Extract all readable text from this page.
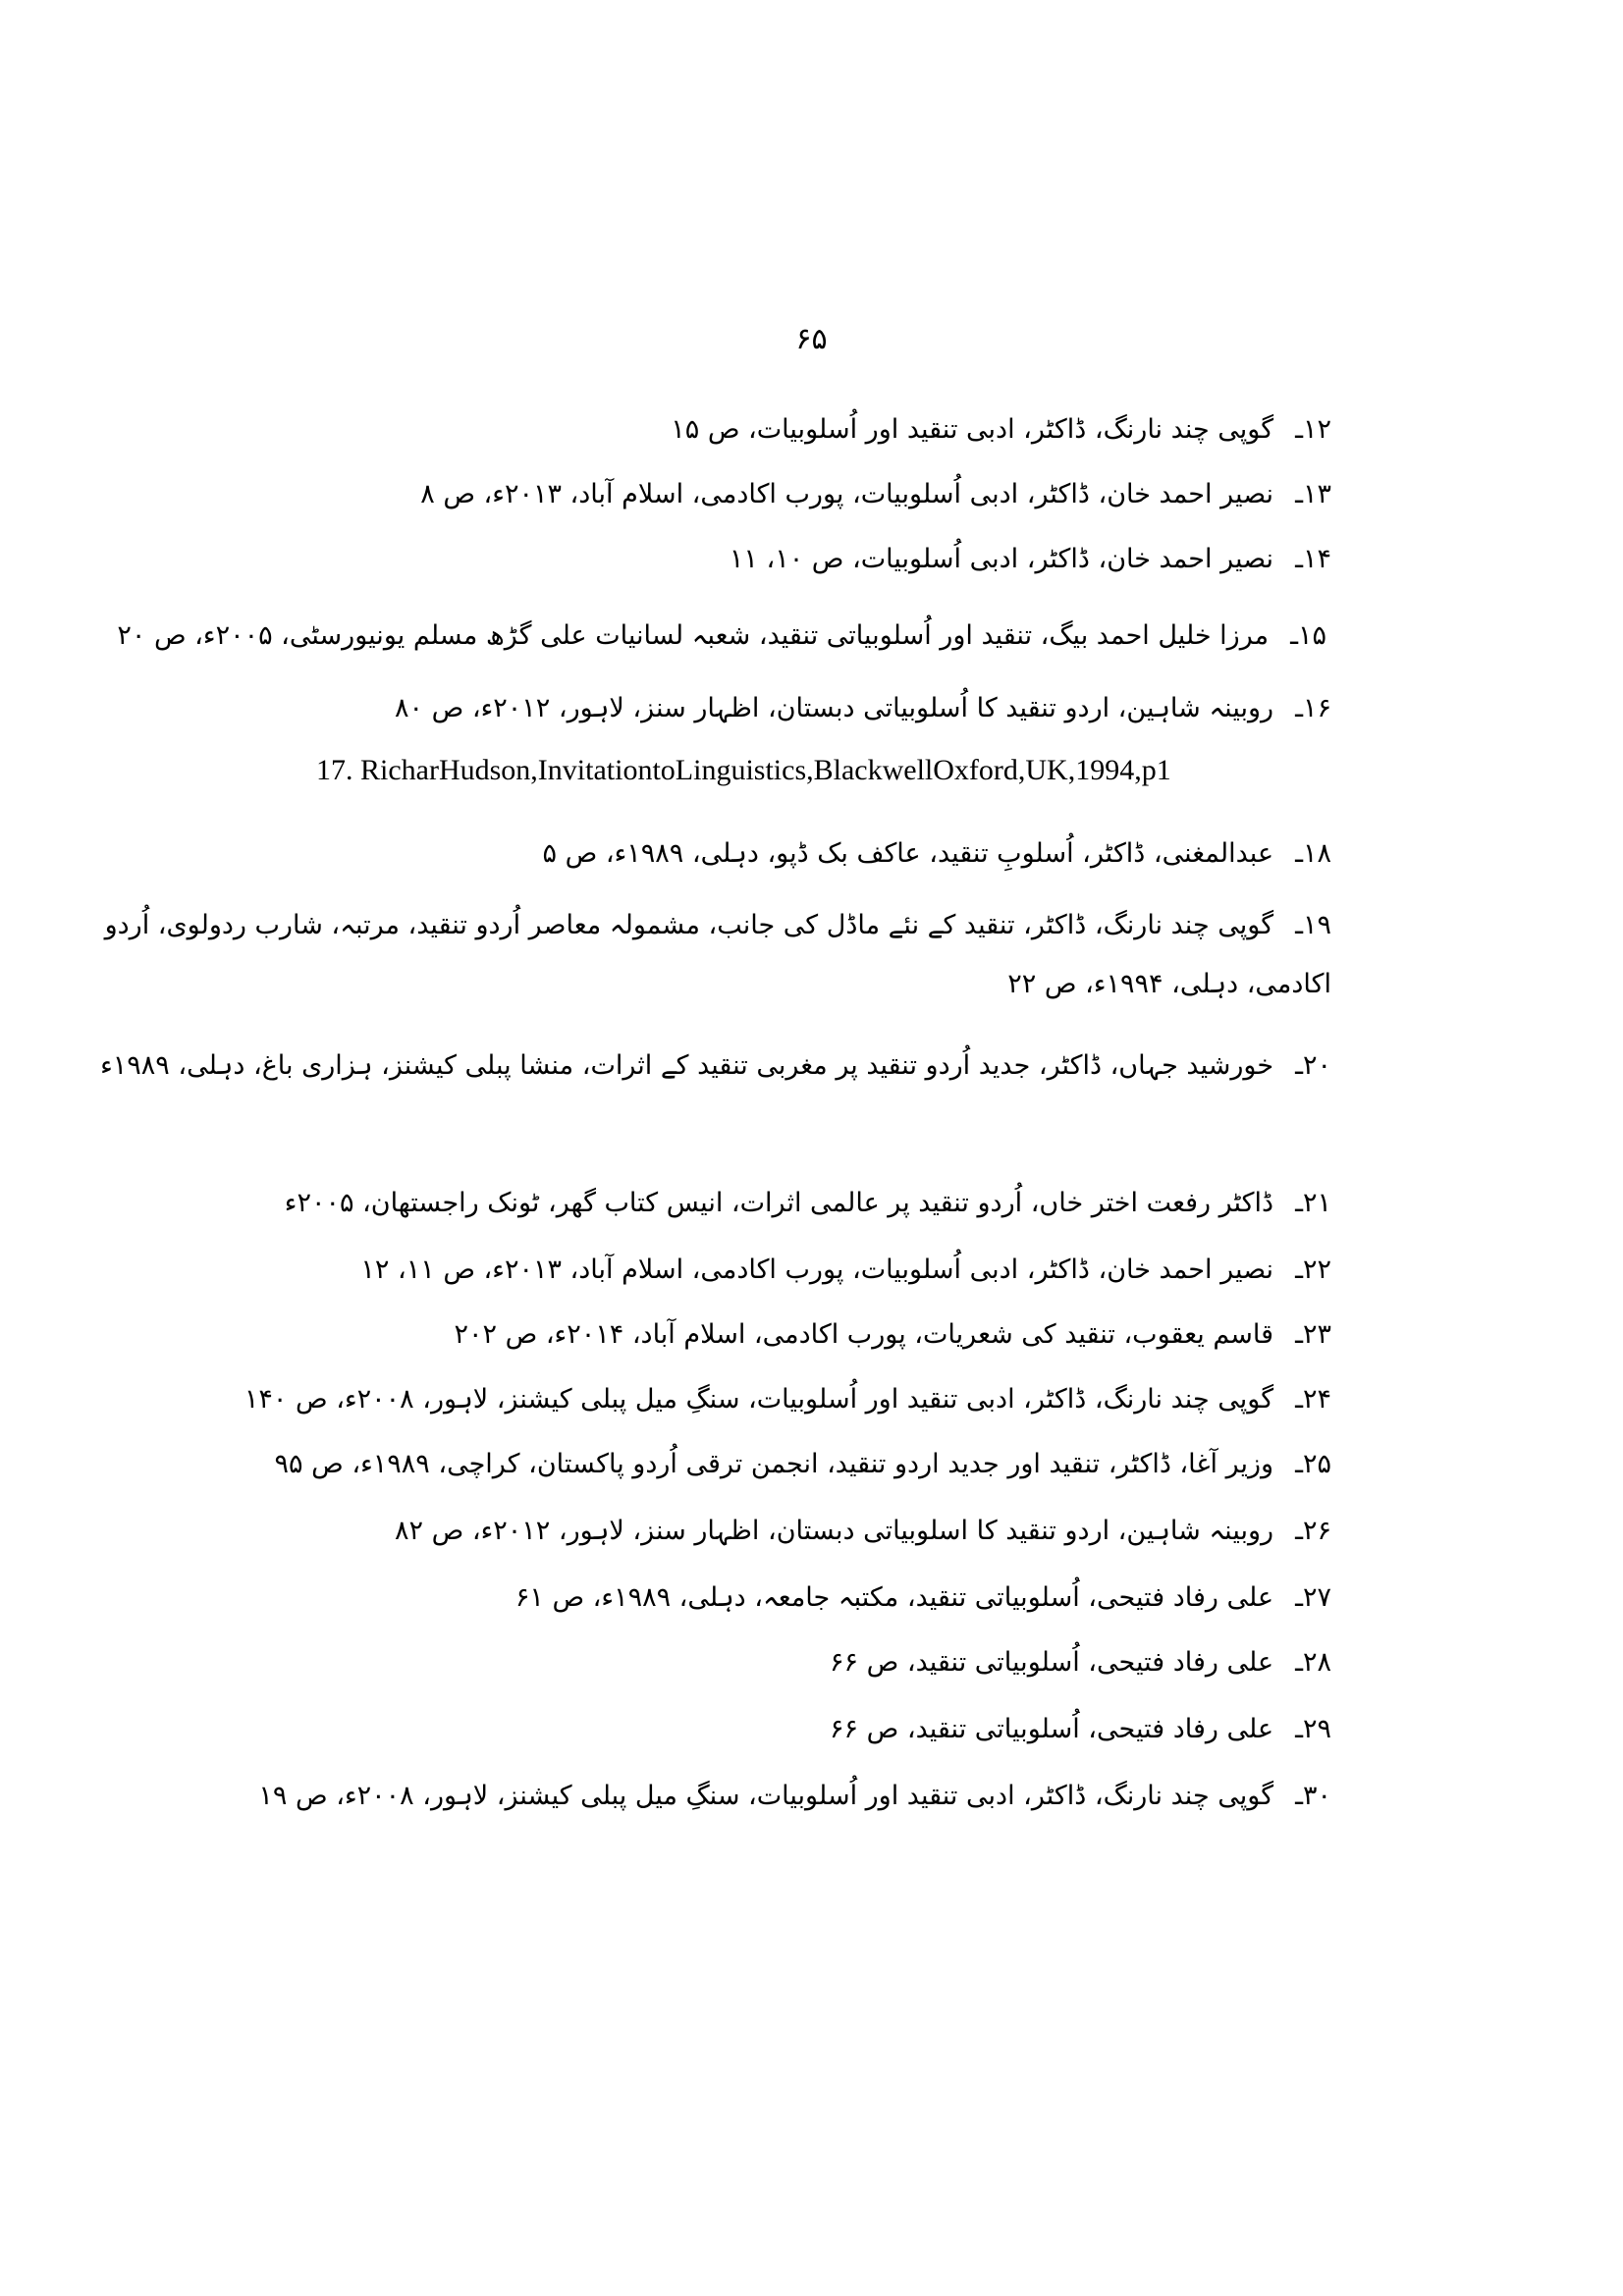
۶۵
۱۲ـگوپی چند نارنگ، ڈاکٹر، ادبی تنقید اور اُسلوبیات، ص ۱۵
۱۳ـنصیر احمد خان، ڈاکٹر، ادبی اُسلوبیات، پورب اکادمی، اسلام آباد، ۲۰۱۳ء، ص ۸
۱۴ـنصیر احمد خان، ڈاکٹر، ادبی اُسلوبیات، ص ۱۰، ۱۱
۱۵ـمرزا خلیل احمد بیگ، تنقید اور اُسلوبیاتی تنقید، شعبہ لسانیات علی گڑھ مسلم یونیورسٹی، ۲۰۰۵ء، ص ۲۰
۱۶ـروبینہ شاہین، اردو تنقید کا اُسلوبیاتی دبستان، اظہار سنز، لاہور، ۲۰۱۲ء، ص ۸۰
17. RicharHudson,InvitationtoLinguistics,BlackwellOxford,UK,1994,p1
۱۸ـعبدالمغنی، ڈاکٹر، اُسلوبِ تنقید، عاکف بک ڈپو، دہلی، ۱۹۸۹ء، ص ۵
۱۹ـگوپی چند نارنگ، ڈاکٹر، تنقید کے نئے ماڈل کی جانب، مشمولہ معاصر اُردو تنقید، مرتبہ، شارب ردولوی، اُردو اکادمی، دہلی، ۱۹۹۴ء، ص ۲۲
۲۰ـخورشید جہاں، ڈاکٹر، جدید اُردو تنقید پر مغربی تنقید کے اثرات، منشا پبلی کیشنز، ہزاری باغ، دہلی، ۱۹۸۹ء
۲۱ـڈاکٹر رفعت اختر خاں، اُردو تنقید پر عالمی اثرات، انیس کتاب گھر، ٹونک راجستھان، ۲۰۰۵ء
۲۲ـنصیر احمد خان، ڈاکٹر، ادبی اُسلوبیات، پورب اکادمی، اسلام آباد، ۲۰۱۳ء، ص ۱۱، ۱۲
۲۳ـقاسم یعقوب، تنقید کی شعریات، پورب اکادمی، اسلام آباد، ۲۰۱۴ء، ص ۲۰۲
۲۴ـگوپی چند نارنگ، ڈاکٹر، ادبی تنقید اور اُسلوبیات، سنگِ میل پبلی کیشنز، لاہور، ۲۰۰۸ء، ص ۱۴۰
۲۵ـوزیر آغا، ڈاکٹر، تنقید اور جدید اردو تنقید، انجمن ترقی اُردو پاکستان، کراچی، ۱۹۸۹ء، ص ۹۵
۲۶ـروبینہ شاہین، اردو تنقید کا اسلوبیاتی دبستان، اظہار سنز، لاہور، ۲۰۱۲ء، ص ۸۲
۲۷ـعلی رفاد فتیحی، اُسلوبیاتی تنقید، مکتبہ جامعہ، دہلی، ۱۹۸۹ء، ص ۶۱
۲۸ـعلی رفاد فتیحی، اُسلوبیاتی تنقید، ص ۶۶
۲۹ـعلی رفاد فتیحی، اُسلوبیاتی تنقید، ص ۶۶
۳۰ـگوپی چند نارنگ، ڈاکٹر، ادبی تنقید اور اُسلوبیات، سنگِ میل پبلی کیشنز، لاہور، ۲۰۰۸ء، ص ۱۹
